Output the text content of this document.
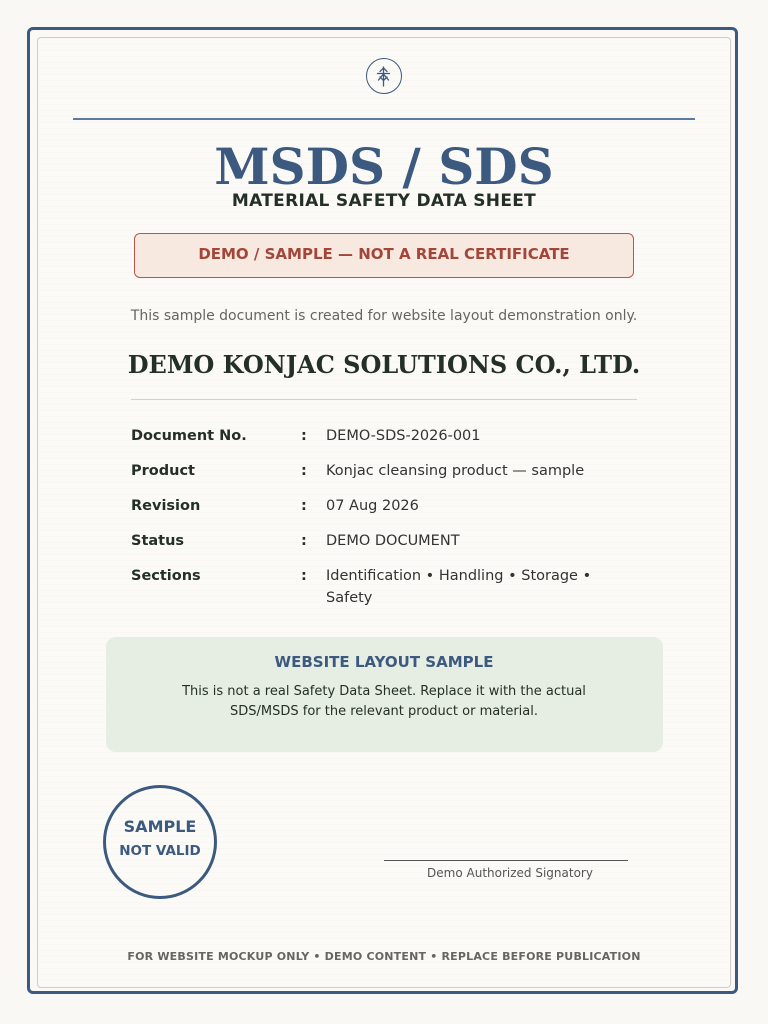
MSDS / SDS
MATERIAL SAFETY DATA SHEET
DEMO / SAMPLE — NOT A REAL CERTIFICATE
This sample document is created for website layout demonstration only.
DEMO KONJAC SOLUTIONS CO., LTD.
Document No.	: DEMO-SDS-2026-001
Product	: Konjac cleansing product — sample
Revision	: 07 Aug 2026
Status	: DEMO DOCUMENT
Sections	: Identification • Handling • Storage • Safety
WEBSITE LAYOUT SAMPLE
This is not a real Safety Data Sheet. Replace it with the actual SDS/MSDS for the relevant product or material.
SAMPLE
NOT VALID
Demo Authorized Signatory
FOR WEBSITE MOCKUP ONLY • DEMO CONTENT • REPLACE BEFORE PUBLICATION
